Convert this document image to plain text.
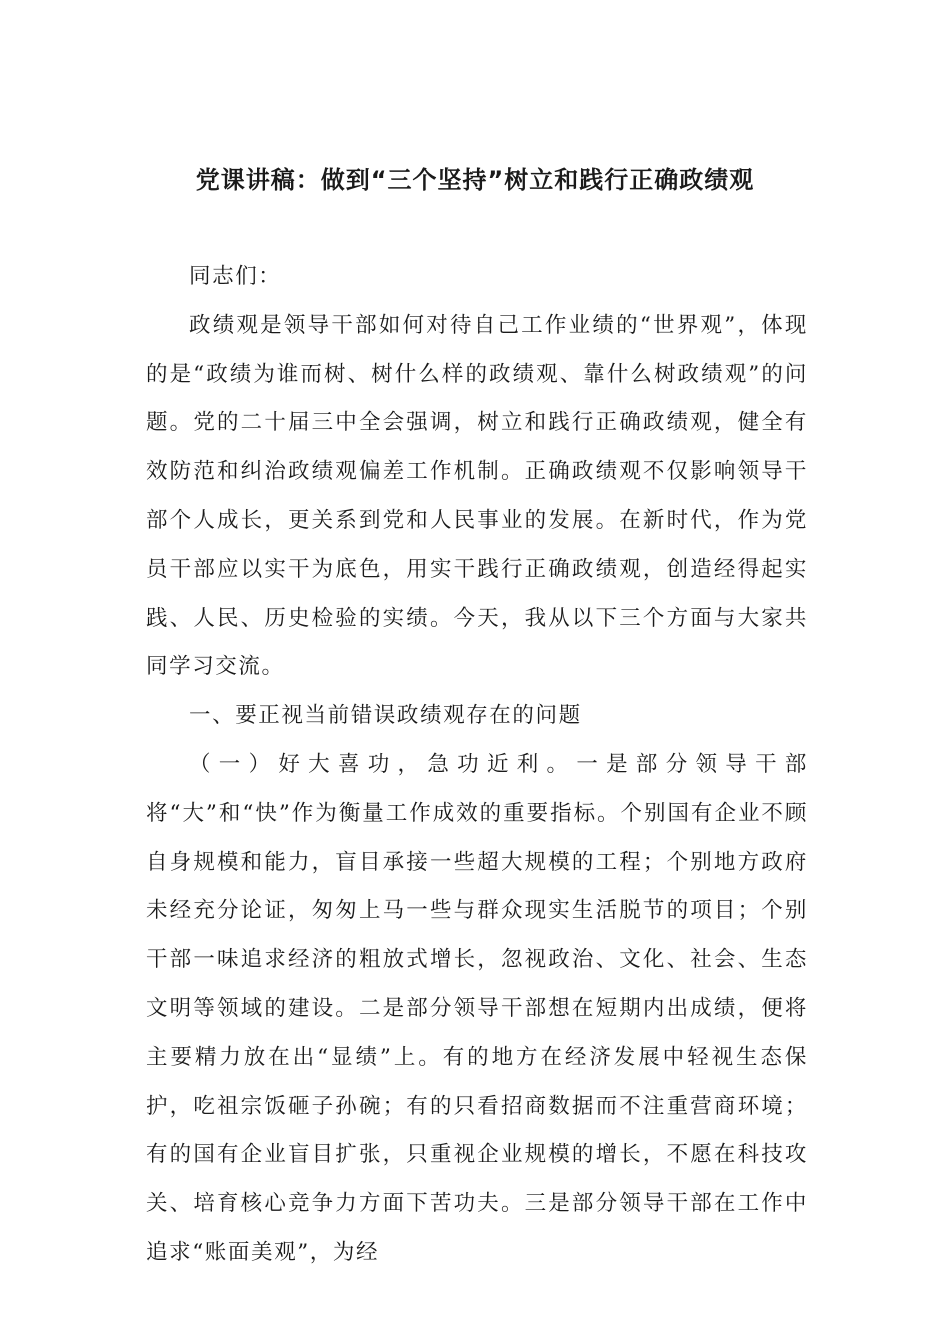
党课讲稿：做到“三个坚持”树立和践行正确政绩观

同志们：

政绩观是领导干部如何对待自己工作业绩的“世界观”，体现的是“政绩为谁而树、树什么样的政绩观、靠什么树政绩观”的问题。党的二十届三中全会强调，树立和践行正确政绩观，健全有效防范和纠治政绩观偏差工作机制。正确政绩观不仅影响领导干部个人成长，更关系到党和人民事业的发展。在新时代，作为党员干部应以实干为底色，用实干践行正确政绩观，创造经得起实践、人民、历史检验的实绩。今天，我从以下三个方面与大家共同学习交流。

一、要正视当前错误政绩观存在的问题

（一）好大喜功，急功近利。一是部分领导干部将“大”和“快”作为衡量工作成效的重要指标。个别国有企业不顾自身规模和能力，盲目承接一些超大规模的工程；个别地方政府未经充分论证，匆匆上马一些与群众现实生活脱节的项目；个别干部一味追求经济的粗放式增长，忽视政治、文化、社会、生态文明等领域的建设。二是部分领导干部想在短期内出成绩，便将主要精力放在出“显绩”上。有的地方在经济发展中轻视生态保护，吃祖宗饭砸子孙碗；有的只看招商数据而不注重营商环境；有的国有企业盲目扩张，只重视企业规模的增长，不愿在科技攻关、培育核心竞争力方面下苦功夫。三是部分领导干部在工作中追求“账面美观”，为经
